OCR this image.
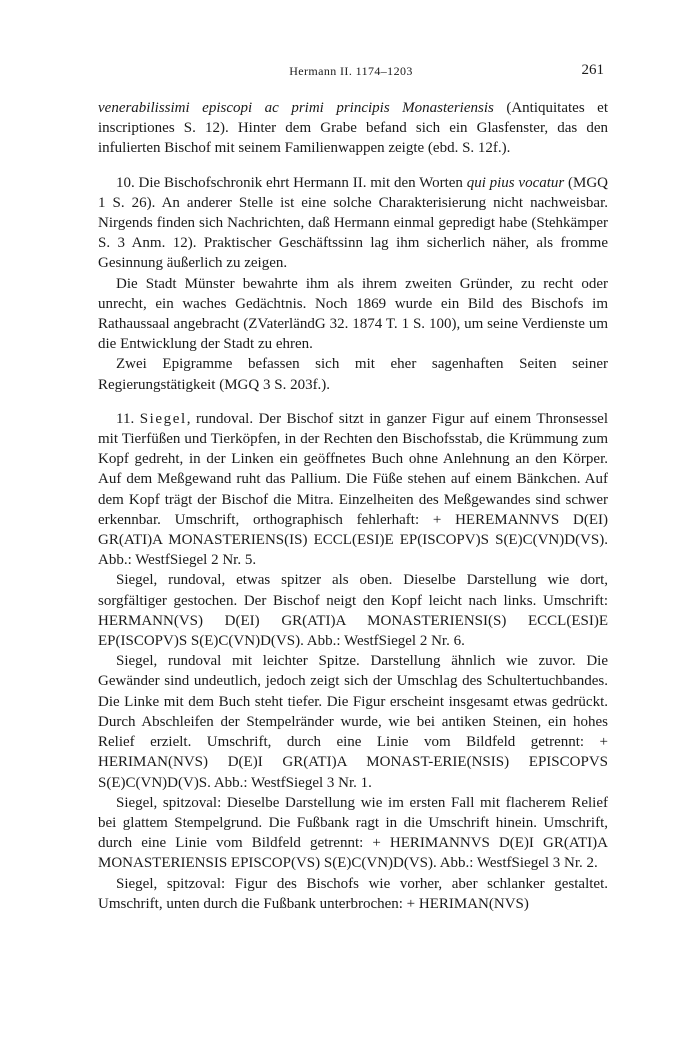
Hermann II. 1174–1203	261

venerabilissimi episcopi ac primi principis Monasteriensis (Antiquitates et inscriptiones S. 12). Hinter dem Grabe befand sich ein Glasfenster, das den infulierten Bischof mit seinem Familienwappen zeigte (ebd. S. 12f.).

10. Die Bischofschronik ehrt Hermann II. mit den Worten qui pius vocatur (MGQ 1 S. 26). An anderer Stelle ist eine solche Charakterisierung nicht nachweisbar. Nirgends finden sich Nachrichten, daß Hermann einmal gepredigt habe (Stehkämper S. 3 Anm. 12). Praktischer Geschäftssinn lag ihm sicherlich näher, als fromme Gesinnung äußerlich zu zeigen.

Die Stadt Münster bewahrte ihm als ihrem zweiten Gründer, zu recht oder unrecht, ein waches Gedächtnis. Noch 1869 wurde ein Bild des Bischofs im Rathaussaal angebracht (ZVaterländG 32. 1874 T. 1 S. 100), um seine Verdienste um die Entwicklung der Stadt zu ehren.

Zwei Epigramme befassen sich mit eher sagenhaften Seiten seiner Regierungstätigkeit (MGQ 3 S. 203f.).

11. Siegel, rundoval. Der Bischof sitzt in ganzer Figur auf einem Thronsessel mit Tierfüßen und Tierköpfen, in der Rechten den Bischofsstab, die Krümmung zum Kopf gedreht, in der Linken ein geöffnetes Buch ohne Anlehnung an den Körper. Auf dem Meßgewand ruht das Pallium. Die Füße stehen auf einem Bänkchen. Auf dem Kopf trägt der Bischof die Mitra. Einzelheiten des Meßgewandes sind schwer erkennbar. Umschrift, orthographisch fehlerhaft: + HEREMANNVS D(EI) GR(ATI)A MONASTERIENS(IS) ECCL(ESI)E EP(ISCOPV)S S(E)C(VN)D(VS). Abb.: WestfSiegel 2 Nr. 5.

Siegel, rundoval, etwas spitzer als oben. Dieselbe Darstellung wie dort, sorgfältiger gestochen. Der Bischof neigt den Kopf leicht nach links. Umschrift: HERMANN(VS) D(EI) GR(ATI)A MONASTERIENSI(S) ECCL(ESI)E EP(ISCOPV)S S(E)C(VN)D(VS). Abb.: WestfSiegel 2 Nr. 6.

Siegel, rundoval mit leichter Spitze. Darstellung ähnlich wie zuvor. Die Gewänder sind undeutlich, jedoch zeigt sich der Umschlag des Schultertuchbandes. Die Linke mit dem Buch steht tiefer. Die Figur erscheint insgesamt etwas gedrückt. Durch Abschleifen der Stempelränder wurde, wie bei antiken Steinen, ein hohes Relief erzielt. Umschrift, durch eine Linie vom Bildfeld getrennt: + HERIMAN(NVS) D(E)I GR(ATI)A MONAST-ERIE(NSIS) EPISCOPVS S(E)C(VN)D(V)S. Abb.: WestfSiegel 3 Nr. 1.

Siegel, spitzoval: Dieselbe Darstellung wie im ersten Fall mit flacherem Relief bei glattem Stempelgrund. Die Fußbank ragt in die Umschrift hinein. Umschrift, durch eine Linie vom Bildfeld getrennt: + HERIMANNVS D(E)I GR(ATI)A MONASTERIENSIS EPISCOP(VS) S(E)C(VN)D(VS). Abb.: WestfSiegel 3 Nr. 2.

Siegel, spitzoval: Figur des Bischofs wie vorher, aber schlanker gestaltet. Umschrift, unten durch die Fußbank unterbrochen: + HERIMAN(NVS)
